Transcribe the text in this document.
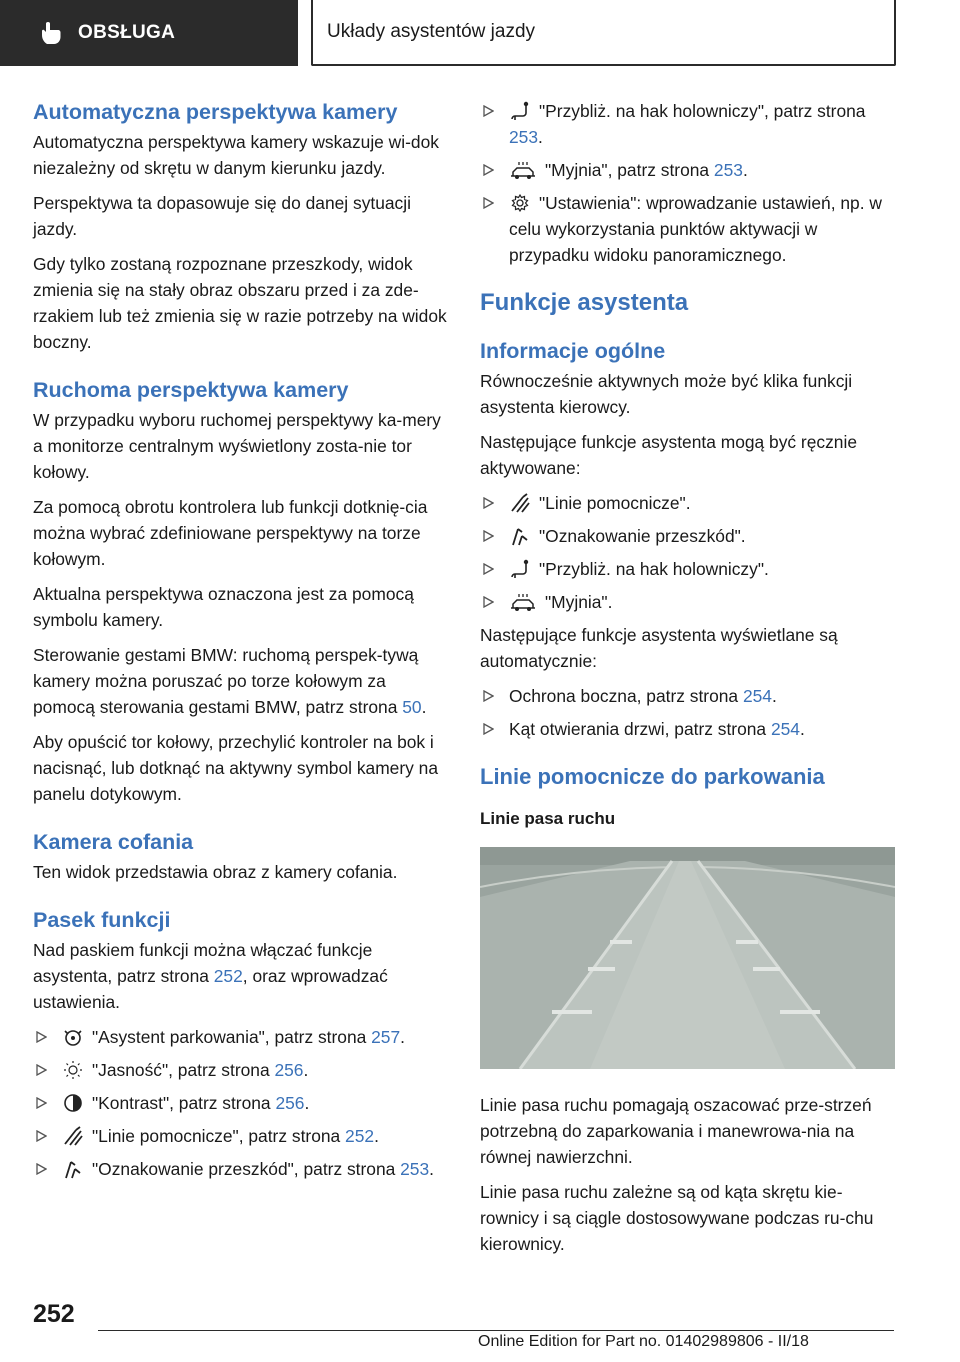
OBSŁUGA	Układy asystentów jazdy
Automatyczna perspektywa kamery

Automatyczna perspektywa kamery wskazuje wi-dok niezależny od skrętu w danym kierunku jazdy.

Perspektywa ta dopasowuje się do danej sytuacji jazdy.

Gdy tylko zostaną rozpoznane przeszkody, widok zmienia się na stały obraz obszaru przed i za zde-rzakiem lub też zmienia się w razie potrzeby na widok boczny.

Ruchoma perspektywa kamery

W przypadku wyboru ruchomej perspektywy ka-mery a monitorze centralnym wyświetlony zosta-nie tor kołowy.

Za pomocą obrotu kontrolera lub funkcji dotknię-cia można wybrać zdefiniowane perspektywy na torze kołowym.

Aktualna perspektywa oznaczona jest za pomocą symbolu kamery.

Sterowanie gestami BMW: ruchomą perspek-tywą kamery można poruszać po torze kołowym za pomocą sterowania gestami BMW, patrz strona 50.

Aby opuścić tor kołowy, przechylić kontroler na bok i nacisnąć, lub dotknąć na aktywny symbol kamery na panelu dotykowym.

Kamera cofania

Ten widok przedstawia obraz z kamery cofania.

Pasek funkcji

Nad paskiem funkcji można włączać funkcje asystenta, patrz strona 252, oraz wprowadzać ustawienia.

"Asystent parkowania", patrz strona 257.
"Jasność", patrz strona 256.
"Kontrast", patrz strona 256.
"Linie pomocnicze", patrz strona 252.
"Oznakowanie przeszkód", patrz strona 253.
"Przybliż. na hak holowniczy", patrz strona 253.
"Myjnia", patrz strona 253.
"Ustawienia": wprowadzanie ustawień, np. w celu wykorzystania punktów aktywacji w przypadku widoku panoramicznego.
Funkcje asystenta
Informacje ogólne

Równocześnie aktywnych może być klika funkcji asystenta kierowcy.

Następujące funkcje asystenta mogą być ręcznie aktywowane:

"Linie pomocnicze".
"Oznakowanie przeszkód".
"Przybliż. na hak holowniczy".
"Myjnia".

Następujące funkcje asystenta wyświetlane są automatycznie:

Ochrona boczna, patrz strona 254.
Kąt otwierania drzwi, patrz strona 254.
Linie pomocnicze do parkowania
Linie pasa ruchu

Linie pasa ruchu pomagają oszacować prze-strzeń potrzebną do zaparkowania i manewrowa-nia na równej nawierzchni.

Linie pasa ruchu zależne są od kąta skrętu kie-rownicy i są ciągle dostosowywane podczas ru-chu kierownicy.

252
Online Edition for Part no. 01402989806 - II/18
